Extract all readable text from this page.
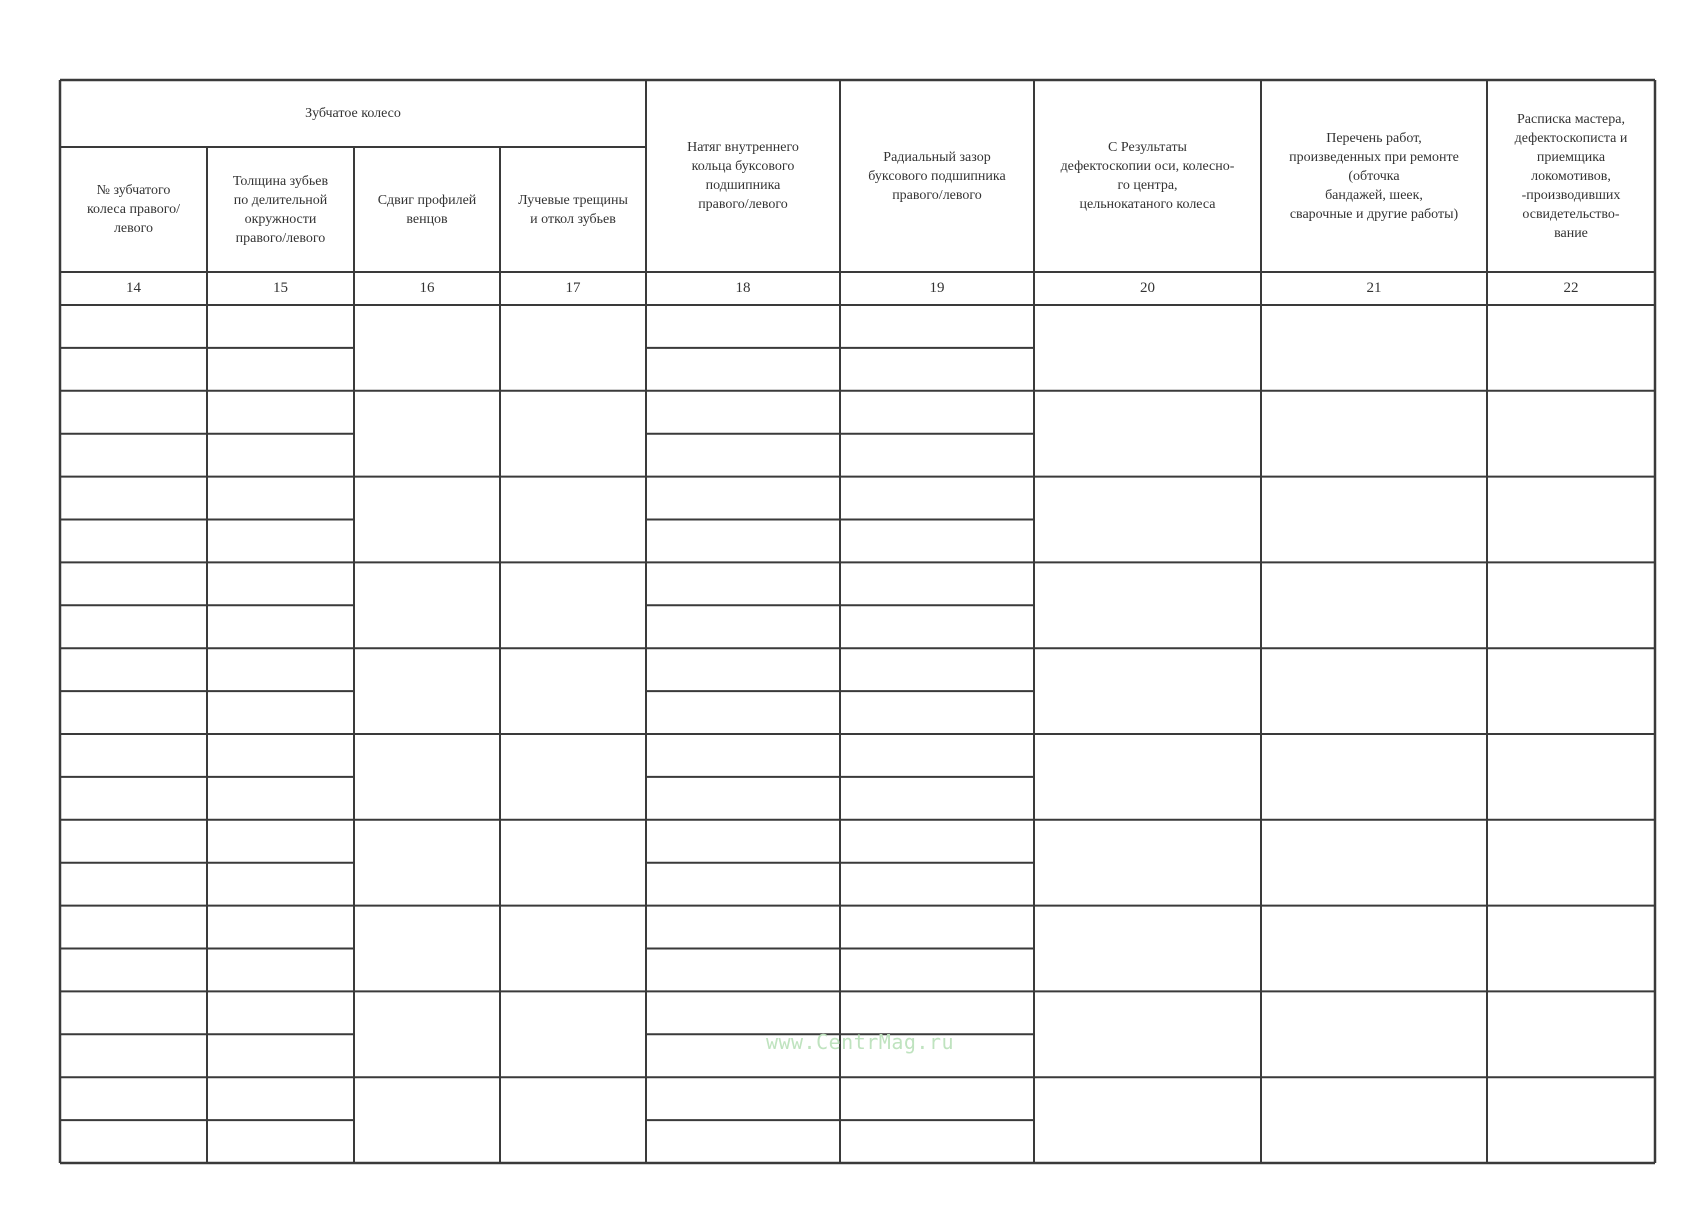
Зубчатое колесо
№ зубчатого
колеса правого/
левого
14
Толщина зубьев
по делительной
окружности
правого/левого
15
Сдвиг профилей
венцов
16
Лучевые трещины
и откол зубьев
17
Натяг внутреннего
кольца буксового
подшипника
правого/левого
18
Радиальный зазор
буксового подшипника
правого/левого
19
С Результаты
дефектоскопии оси, колесно-
го центра,
цельнокатаного колеса
20
Перечень работ,
произведенных при ремонте
(обточка
бандажей, шеек,
сварочные и другие работы)
21
Расписка мастера,
дефектоскописта и
приемщика
локомотивов,
-производивших
освидетельство-
вание
22
www.CentrMag.ru
